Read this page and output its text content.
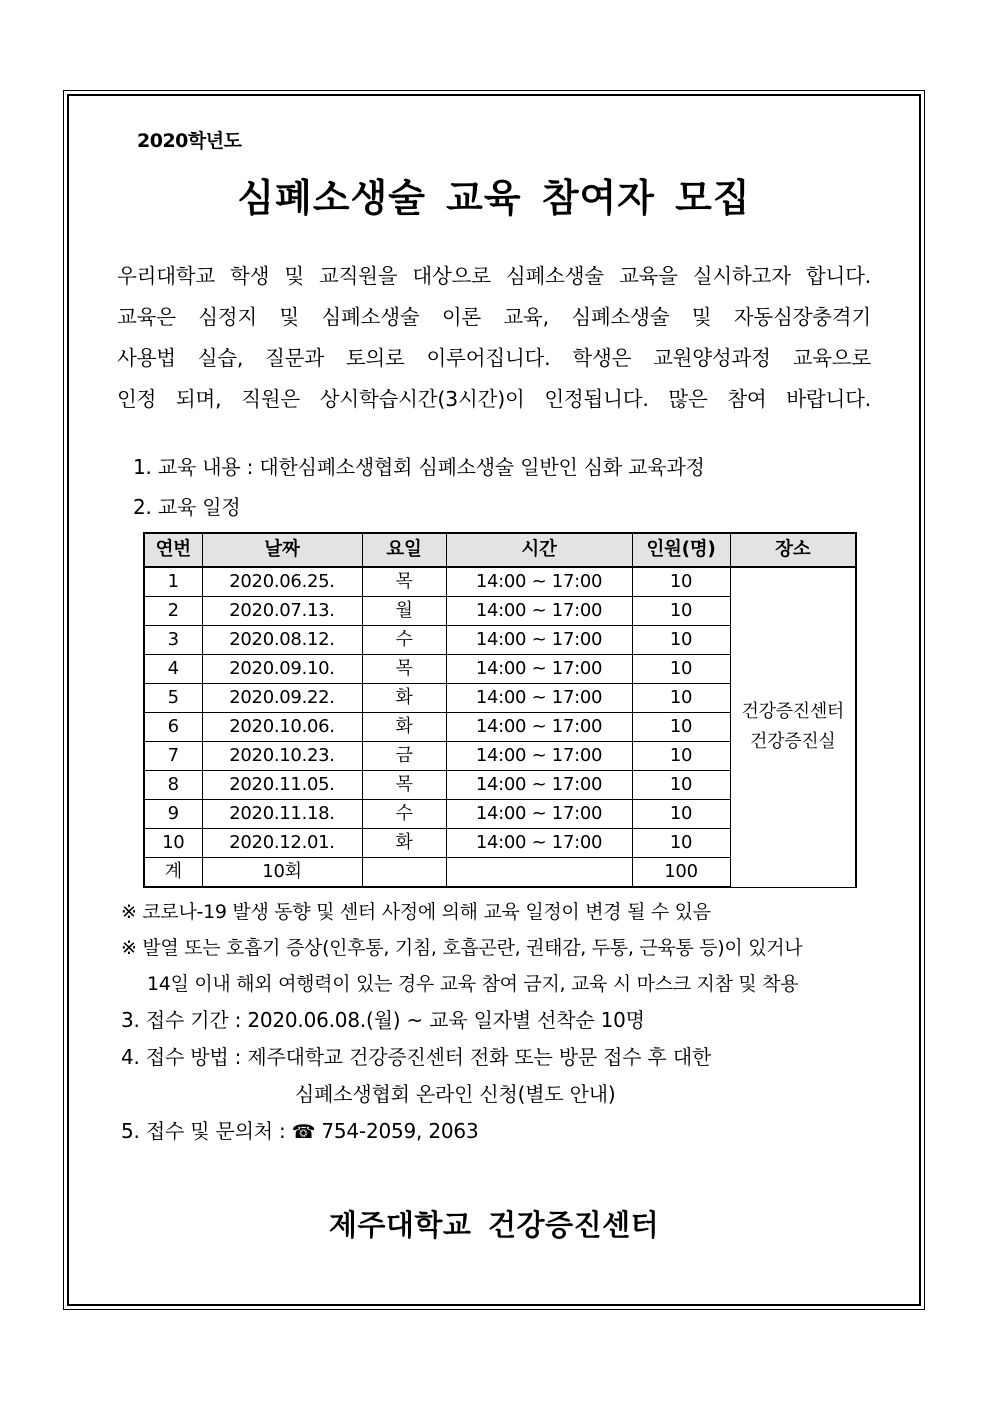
2020학년도
심폐소생술 교육 참여자 모집
우리대학교 학생 및 교직원을 대상으로 심폐소생술 교육을 실시하고자 합니다.
교육은 심정지 및 심폐소생술 이론 교육, 심폐소생술 및 자동심장충격기
사용법 실습, 질문과 토의로 이루어집니다. 학생은 교원양성과정 교육으로
인정 되며, 직원은 상시학습시간(3시간)이 인정됩니다. 많은 참여 바랍니다.
1. 교육 내용 : 대한심폐소생협회 심폐소생술 일반인 심화 교육과정
2. 교육 일정
연번	날짜	요일	시간	인원(명)	장소
1	2020.06.25.	목	14:00 ~ 17:00	10	건강증진센터
건강증진실

2	2020.07.13.	월	14:00 ~ 17:00	10	
3	2020.08.12.	수	14:00 ~ 17:00	10	
4	2020.09.10.	목	14:00 ~ 17:00	10	
5	2020.09.22.	화	14:00 ~ 17:00	10	
6	2020.10.06.	화	14:00 ~ 17:00	10	
7	2020.10.23.	금	14:00 ~ 17:00	10	
8	2020.11.05.	목	14:00 ~ 17:00	10	
9	2020.11.18.	수	14:00 ~ 17:00	10	
10	2020.12.01.	화	14:00 ~ 17:00	10	
계	10회			100	
※ 코로나-19 발생 동향 및 센터 사정에 의해 교육 일정이 변경 될 수 있음
※ 발열 또는 호흡기 증상(인후통, 기침, 호흡곤란, 권태감, 두통, 근육통 등)이 있거나
14일 이내 해외 여행력이 있는 경우 교육 참여 금지, 교육 시 마스크 지참 및 착용
3. 접수 기간 : 2020.06.08.(월) ~ 교육 일자별 선착순 10명
4. 접수 방법 : 제주대학교 건강증진센터 전화 또는 방문 접수 후 대한
심폐소생협회 온라인 신청(별도 안내)
5. 접수 및 문의처 : ☎ 754-2059, 2063
제주대학교 건강증진센터
